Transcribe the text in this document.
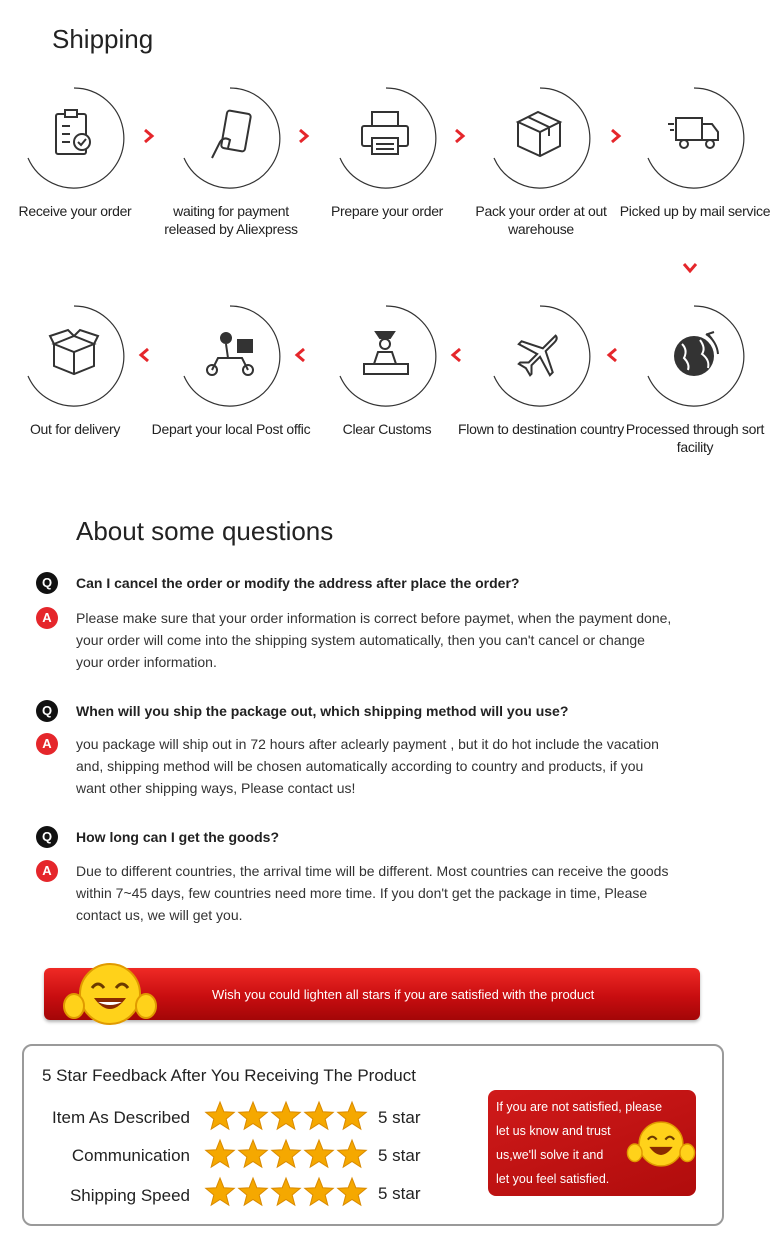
Shipping
Receive your order	waiting for payment released by Aliexpress
Prepare your order	Pack your order at out warehouse
Picked up by mail service
Out for delivery	Depart your local Post offic	Clear Customs	Flown to destination country Processed through sort facility
About some questions
Q	Can I cancel the order or modify the address after place the order?
A	Please make sure that your order information is correct before paymet, when the payment done,
your order will come into the shipping system automatically, then you can't cancel or change
your order information.
Q	When will you ship the package out, which shipping method will you use?
A	you package will ship out in 72 hours after aclearly payment , but it do hot include the vacation
and, shipping method will be chosen automatically according to country and products, if you
want other shipping ways, Please contact us!
Q	How long can I get the goods?
A	Due to different countries, the arrival time will be different. Most countries can receive the goods
within 7~45 days, few countries need more time. If you don't get the package in time, Please
contact us, we will get you.
Wish you could lighten all stars if you are satisfied with the product
5 Star Feedback After You Receiving The Product
Item As Described	5 star
Communication	5 star
Shipping Speed	5 star
If you are not satisfied, please
let us know and trust
us,we'll solve it and
let you feel satisfied.
